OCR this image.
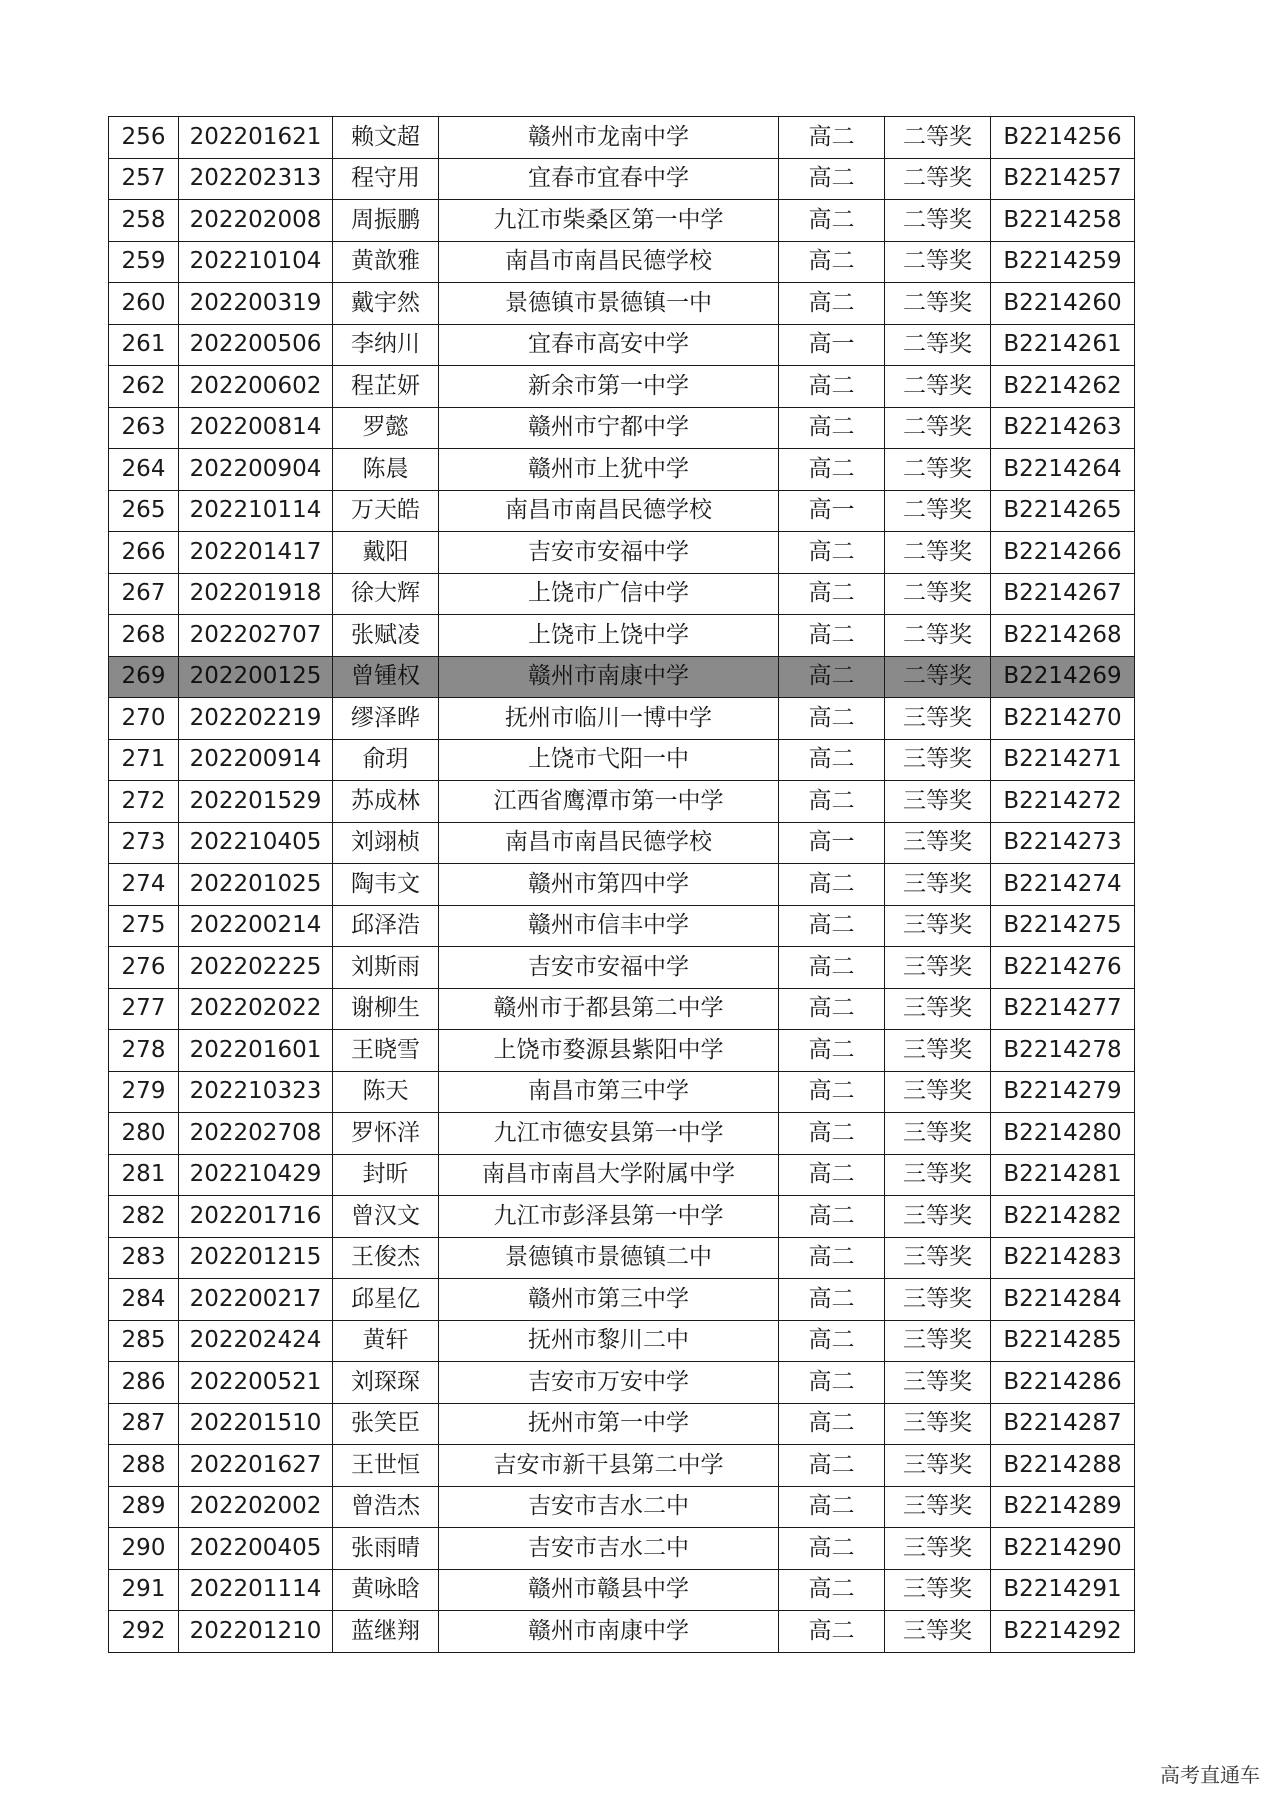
256	202201621	赖文超	赣州市龙南中学	高二	二等奖	B2214256
257	202202313	程守用	宜春市宜春中学	高二	二等奖	B2214257
258	202202008	周振鹏	九江市柴桑区第一中学	高二	二等奖	B2214258
259	202210104	黄歆雅	南昌市南昌民德学校	高二	二等奖	B2214259
260	202200319	戴宇然	景德镇市景德镇一中	高二	二等奖	B2214260
261	202200506	李纳川	宜春市高安中学	高一	二等奖	B2214261
262	202200602	程芷妍	新余市第一中学	高二	二等奖	B2214262
263	202200814	罗懿	赣州市宁都中学	高二	二等奖	B2214263
264	202200904	陈晨	赣州市上犹中学	高二	二等奖	B2214264
265	202210114	万天皓	南昌市南昌民德学校	高一	二等奖	B2214265
266	202201417	戴阳	吉安市安福中学	高二	二等奖	B2214266
267	202201918	徐大辉	上饶市广信中学	高二	二等奖	B2214267
268	202202707	张赋凌	上饶市上饶中学	高二	二等奖	B2214268
269	202200125	曾锺权	赣州市南康中学	高二	二等奖	B2214269
270	202202219	缪泽晔	抚州市临川一博中学	高二	三等奖	B2214270
271	202200914	俞玥	上饶市弋阳一中	高二	三等奖	B2214271
272	202201529	苏成林	江西省鹰潭市第一中学	高二	三等奖	B2214272
273	202210405	刘翊桢	南昌市南昌民德学校	高一	三等奖	B2214273
274	202201025	陶韦文	赣州市第四中学	高二	三等奖	B2214274
275	202200214	邱泽浩	赣州市信丰中学	高二	三等奖	B2214275
276	202202225	刘斯雨	吉安市安福中学	高二	三等奖	B2214276
277	202202022	谢柳生	赣州市于都县第二中学	高二	三等奖	B2214277
278	202201601	王晓雪	上饶市婺源县紫阳中学	高二	三等奖	B2214278
279	202210323	陈天	南昌市第三中学	高二	三等奖	B2214279
280	202202708	罗怀洋	九江市德安县第一中学	高二	三等奖	B2214280
281	202210429	封昕	南昌市南昌大学附属中学	高二	三等奖	B2214281
282	202201716	曾汉文	九江市彭泽县第一中学	高二	三等奖	B2214282
283	202201215	王俊杰	景德镇市景德镇二中	高二	三等奖	B2214283
284	202200217	邱星亿	赣州市第三中学	高二	三等奖	B2214284
285	202202424	黄轩	抚州市黎川二中	高二	三等奖	B2214285
286	202200521	刘琛琛	吉安市万安中学	高二	三等奖	B2214286
287	202201510	张笑臣	抚州市第一中学	高二	三等奖	B2214287
288	202201627	王世恒	吉安市新干县第二中学	高二	三等奖	B2214288
289	202202002	曾浩杰	吉安市吉水二中	高二	三等奖	B2214289
290	202200405	张雨晴	吉安市吉水二中	高二	三等奖	B2214290
291	202201114	黄咏晗	赣州市赣县中学	高二	三等奖	B2214291
292	202201210	蓝继翔	赣州市南康中学	高二	三等奖	B2214292
高考直通车
